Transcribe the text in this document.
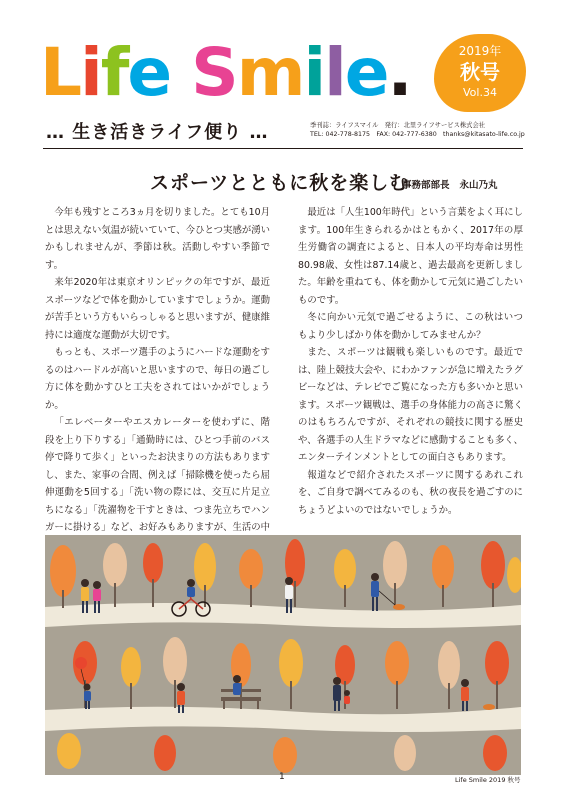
Life Smile.	2019年
秋号
Vol.34
… 生き活きライフ便り …	季刊誌：ライフスマイル　発行：北里ライフサービス株式会社
TEL: 042-778-8175　FAX: 042-777-6380　thanks@kitasato-life.co.jp
スポーツとともに秋を楽しむ
事務部部長 永山乃丸

今年も残すところ3ヵ月を切りました。とても10月とは思えない気温が続いていて、今ひとつ実感が湧いかもしれませんが、季節は秋。活動しやすい季節です。

来年2020年は東京オリンピックの年ですが、最近スポーツなどで体を動かしていますでしょうか。運動が苦手という方もいらっしゃると思いますが、健康維持には適度な運動が大切です。

もっとも、スポーツ選手のようにハードな運動をするのはハードルが高いと思いますので、毎日の過ごし方に体を動かすひと工夫をされてはいかがでしょうか。

「エレベーターやエスカレーターを使わずに、階段を上り下りする」「通勤時には、ひとつ手前のバス停で降りて歩く」といったお決まりの方法もありますし、また、家事の合間、例えば「掃除機を使ったら屈伸運動を5回する」「洗い物の際には、交互に片足立ちになる」「洗濯物を干すときは、つま先立ちでハンガーに掛ける」など、お好みもありますが、生活の中

最近は「人生100年時代」という言葉をよく耳にします。100年生きられるかはともかく、2017年の厚生労働省の調査によると、日本人の平均寿命は男性80.98歳、女性は87.14歳と、過去最高を更新しました。年齢を重ねても、体を動かして元気に過ごしたいものです。

冬に向かい元気で過ごせるように、この秋はいつもより少しばかり体を動かしてみませんか？

また、スポーツは観戦も楽しいものです。最近では、陸上競技大会や、にわかファンが急に増えたラグビーなどは、テレビでご覧になった方も多いかと思います。スポーツ観戦は、選手の身体能力の高さに驚くのはもちろんですが、それぞれの競技に関する歴史や、各選手の人生ドラマなどに感動することも多く、エンターテインメントとしての面白さもあります。

報道などで紹介されたスポーツに関するあれこれを、ご自身で調べてみるのも、秋の夜長を過ごすのにちょうどよいのではないでしょうか。

1	Life Smile 2019 秋号
